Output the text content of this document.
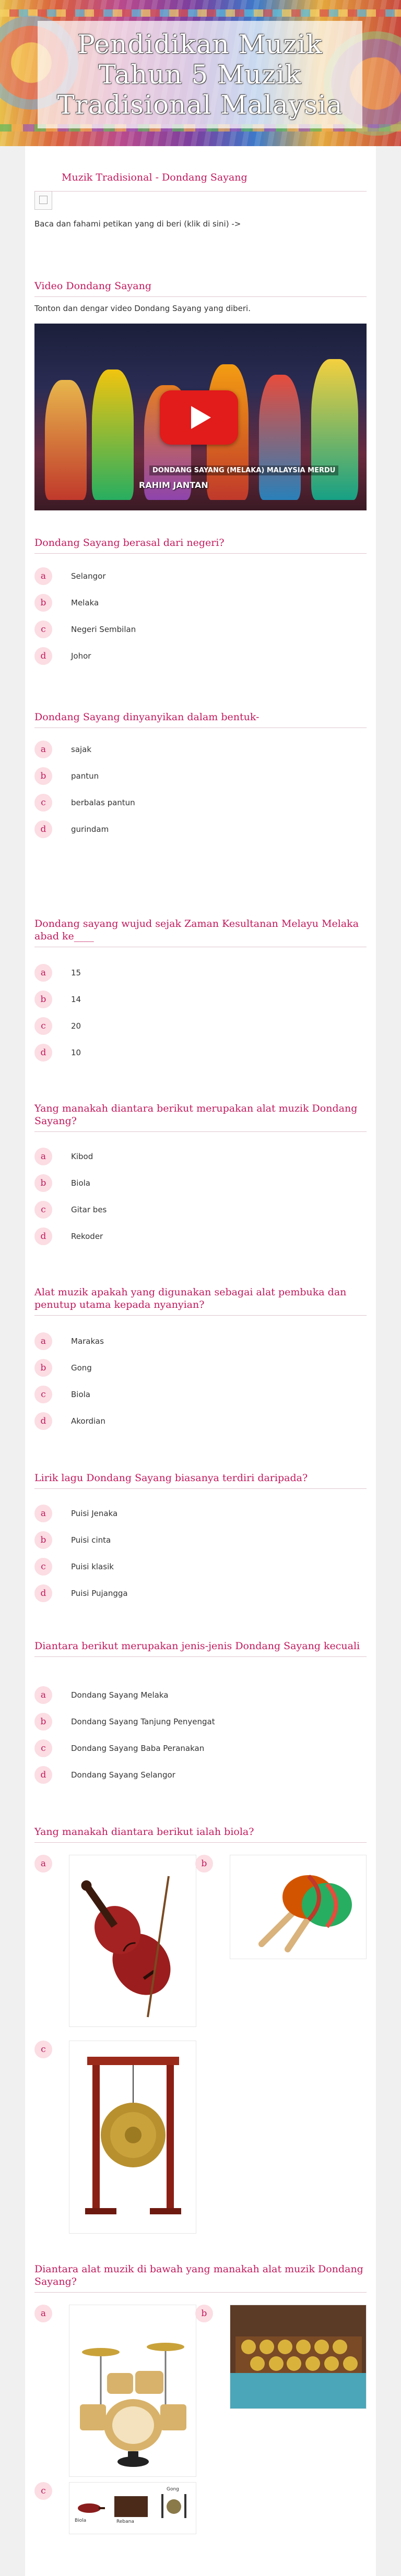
Pendidikan Muzik Tahun 5 Muzik Tradisional Malaysia
Muzik Tradisional - Dondang Sayang
Baca dan fahami petikan yang di beri (klik di sini) ->
Video Dondang Sayang
Tonton dan dengar video Dondang Sayang yang diberi.
DONDANG SAYANG (MELAKA) MALAYSIA MERDU
RAHIM JANTAN
Dondang Sayang berasal dari negeri?
a	Selangor
b	Melaka
c	Negeri Sembilan
d	Johor
Dondang Sayang dinyanyikan dalam bentuk-
a	sajak
b	pantun
c	berbalas pantun
d	gurindam
Dondang sayang wujud sejak Zaman Kesultanan Melayu Melaka abad ke____
a	15
b	14
c	20
d	10
Yang manakah diantara berikut merupakan alat muzik Dondang Sayang?
a	Kibod
b	Biola
c	Gitar bes
d	Rekoder
Alat muzik apakah yang digunakan sebagai alat pembuka dan penutup utama kepada nyanyian?
a	Marakas
b	Gong
c	Biola
d	Akordian
Lirik lagu Dondang Sayang biasanya terdiri daripada?
a	Puisi Jenaka
b	Puisi cinta
c	Puisi klasik
d	Puisi Pujangga
Diantara berikut merupakan jenis-jenis Dondang Sayang kecuali
a	Dondang Sayang Melaka
b	Dondang Sayang Tanjung Penyengat
c	Dondang Sayang Baba Peranakan
d	Dondang Sayang Selangor
Yang manakah diantara berikut ialah biola?
a	b
c
Diantara alat muzik di bawah yang manakah alat muzik Dondang Sayang?
a	b
c
Biola	Rebana
Gong
